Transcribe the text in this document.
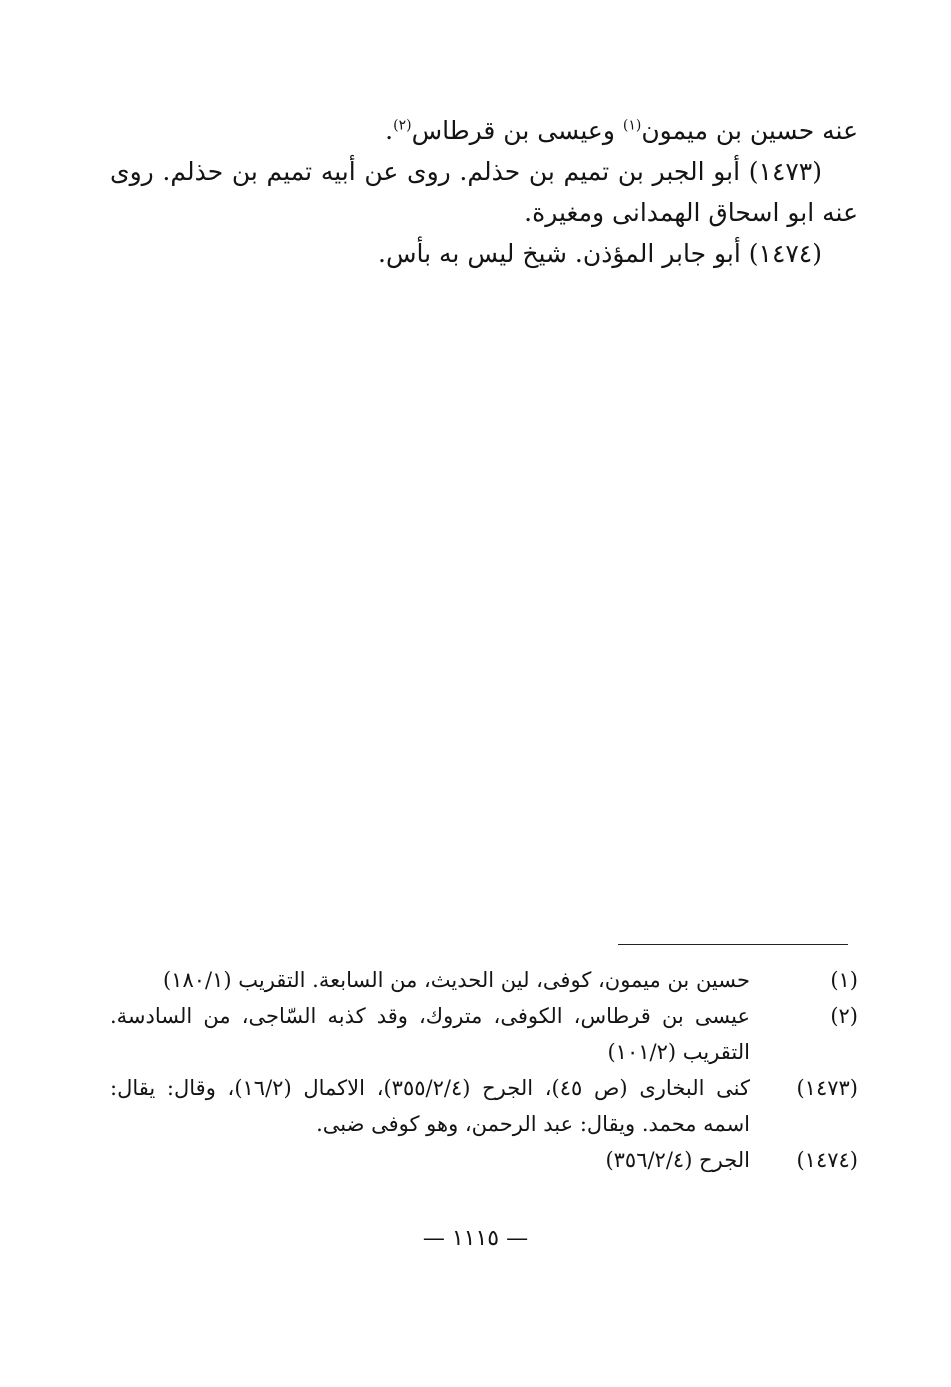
عنه حسين بن ميمون$^{(١)}$ وعيسى بن قرطاس$^{(٢)}$.

(١٤٧٣) أبو الجبر بن تميم بن حذلم. روى عن أبيه تميم بن حذلم. روى عنه ابو اسحاق الهمدانى ومغيرة.

(١٤٧٤) أبو جابر المؤذن. شيخ ليس به بأس.

(١)
حسين بن ميمون، كوفى، لين الحديث، من السابعة. التقريب (١٨٠/١)
(٢)
عيسى بن قرطاس، الكوفى، متروك، وقد كذبه السّاجى، من السادسة. التقريب (١٠١/٢)
(١٤٧٣)
كنى البخارى (ص ٤٥)، الجرح (٣٥٥/٢/٤)، الاكمال (١٦/٢)، وقال: يقال: اسمه محمد. ويقال: عبد الرحمن، وهو كوفى ضبى.
(١٤٧٤)
الجرح (٣٥٦/٢/٤)
— ١١١٥ —
